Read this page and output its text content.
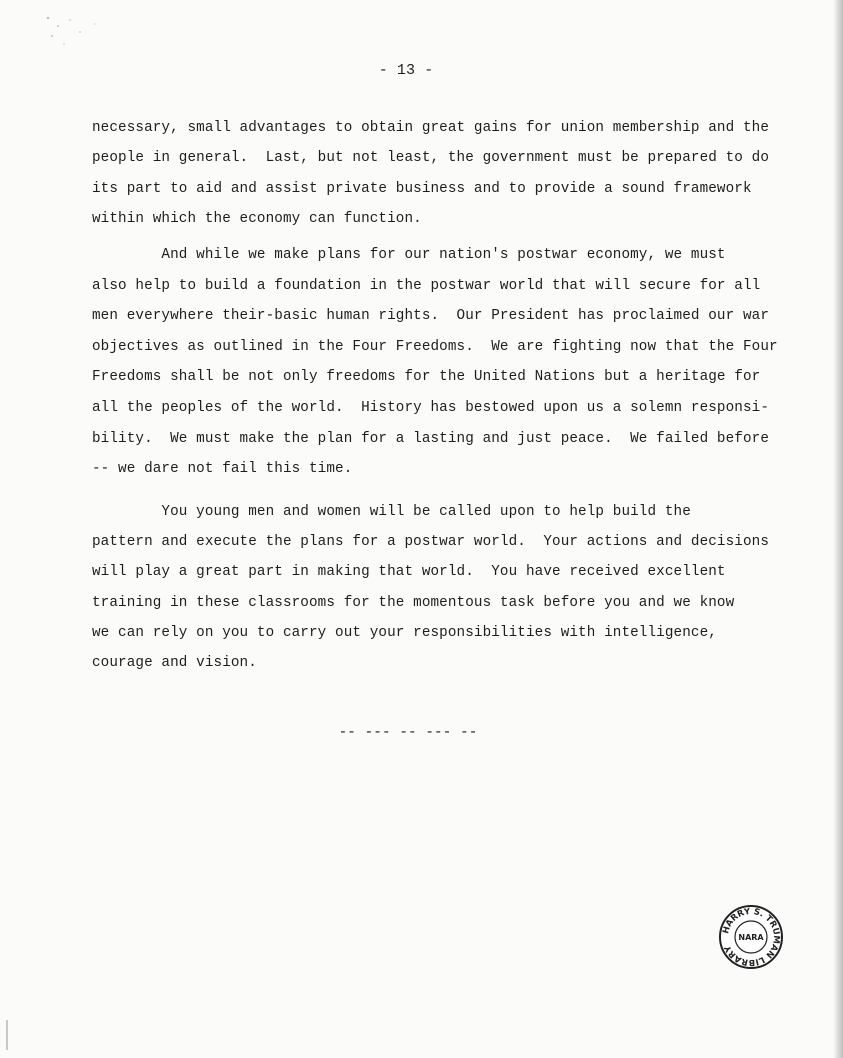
- 13 -
necessary, small advantages to obtain great gains for union membership and the
people in general.  Last, but not least, the government must be prepared to do
its part to aid and assist private business and to provide a sound framework
within which the economy can function.
And while we make plans for our nation's postwar economy, we must
also help to build a foundation in the postwar world that will secure for all
men everywhere their-basic human rights.  Our President has proclaimed our war
objectives as outlined in the Four Freedoms.  We are fighting now that the Four
Freedoms shall be not only freedoms for the United Nations but a heritage for
all the peoples of the world.  History has bestowed upon us a solemn responsi-
bility.  We must make the plan for a lasting and just peace.  We failed before
-- we dare not fail this time.
You young men and women will be called upon to help build the
pattern and execute the plans for a postwar world.  Your actions and decisions
will play a great part in making that world.  You have received excellent
training in these classrooms for the momentous task before you and we know
we can rely on you to carry out your responsibilities with intelligence,
courage and vision.
-- --- -- --- --
HARRY S. TRUMAN LIBRARY
NARA
